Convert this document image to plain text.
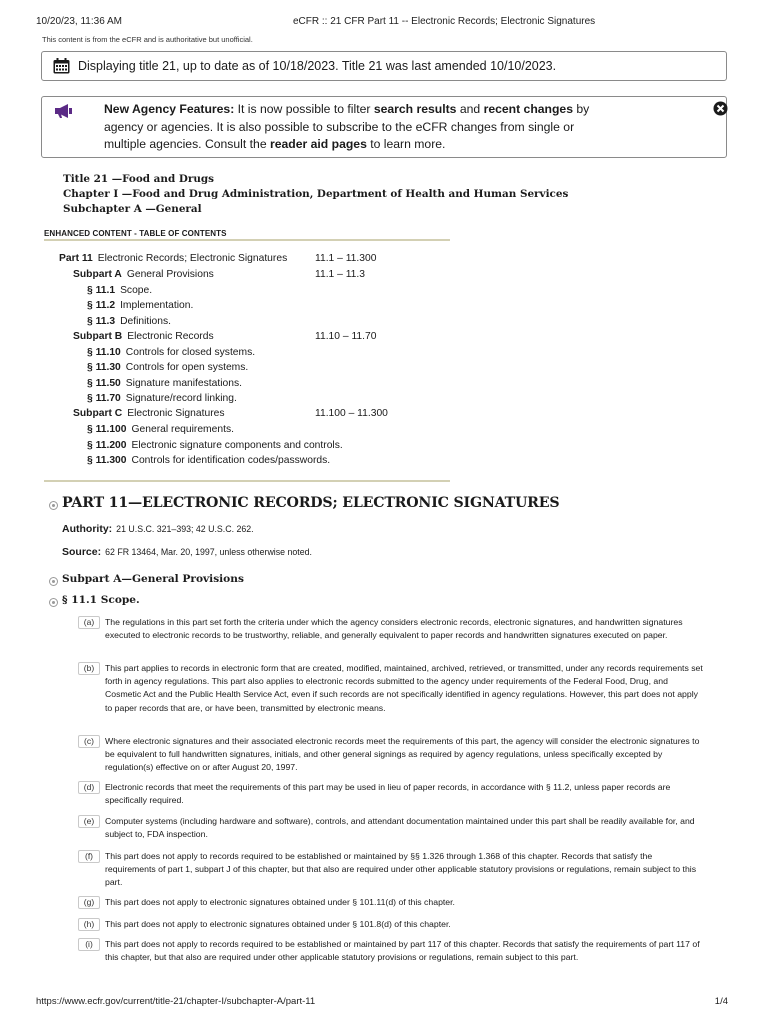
10/20/23, 11:36 AM	eCFR :: 21 CFR Part 11 -- Electronic Records; Electronic Signatures
This content is from the eCFR and is authoritative but unofficial.
Displaying title 21, up to date as of 10/18/2023. Title 21 was last amended 10/10/2023.
New Agency Features: It is now possible to filter search results and recent changes by agency or agencies. It is also possible to subscribe to the eCFR changes from single or multiple agencies. Consult the reader aid pages to learn more.
Title 21 —Food and Drugs
Chapter I —Food and Drug Administration, Department of Health and Human Services
Subchapter A —General
ENHANCED CONTENT - TABLE OF CONTENTS
Part 11 Electronic Records; Electronic Signatures	11.1 – 11.300
Subpart A General Provisions	11.1 – 11.3
§ 11.1 Scope.
§ 11.2 Implementation.
§ 11.3 Definitions.
Subpart B Electronic Records	11.10 – 11.70
§ 11.10 Controls for closed systems.
§ 11.30 Controls for open systems.
§ 11.50 Signature manifestations.
§ 11.70 Signature/record linking.
Subpart C Electronic Signatures	11.100 – 11.300
§ 11.100 General requirements.
§ 11.200 Electronic signature components and controls.
§ 11.300 Controls for identification codes/passwords.
PART 11—ELECTRONIC RECORDS; ELECTRONIC SIGNATURES
Authority: 21 U.S.C. 321–393; 42 U.S.C. 262.
Source: 62 FR 13464, Mar. 20, 1997, unless otherwise noted.
Subpart A—General Provisions
§ 11.1 Scope.
(a)	The regulations in this part set forth the criteria under which the agency considers electronic records, electronic signatures, and handwritten signatures executed to electronic records to be trustworthy, reliable, and generally equivalent to paper records and handwritten signatures executed on paper.
(b)	This part applies to records in electronic form that are created, modified, maintained, archived, retrieved, or transmitted, under any records requirements set forth in agency regulations. This part also applies to electronic records submitted to the agency under requirements of the Federal Food, Drug, and Cosmetic Act and the Public Health Service Act, even if such records are not specifically identified in agency regulations. However, this part does not apply to paper records that are, or have been, transmitted by electronic means.
(c)	Where electronic signatures and their associated electronic records meet the requirements of this part, the agency will consider the electronic signatures to be equivalent to full handwritten signatures, initials, and other general signings as required by agency regulations, unless specifically excepted by regulation(s) effective on or after August 20, 1997.
(d)	Electronic records that meet the requirements of this part may be used in lieu of paper records, in accordance with § 11.2, unless paper records are specifically required.
(e)	Computer systems (including hardware and software), controls, and attendant documentation maintained under this part shall be readily available for, and subject to, FDA inspection.
(f)	This part does not apply to records required to be established or maintained by §§ 1.326 through 1.368 of this chapter. Records that satisfy the requirements of part 1, subpart J of this chapter, but that also are required under other applicable statutory provisions or regulations, remain subject to this part.
(g)	This part does not apply to electronic signatures obtained under § 101.11(d) of this chapter.
(h)	This part does not apply to electronic signatures obtained under § 101.8(d) of this chapter.
(i)	This part does not apply to records required to be established or maintained by part 117 of this chapter. Records that satisfy the requirements of part 117 of this chapter, but that also are required under other applicable statutory provisions or regulations, remain subject to this part.
https://www.ecfr.gov/current/title-21/chapter-I/subchapter-A/part-11	1/4
